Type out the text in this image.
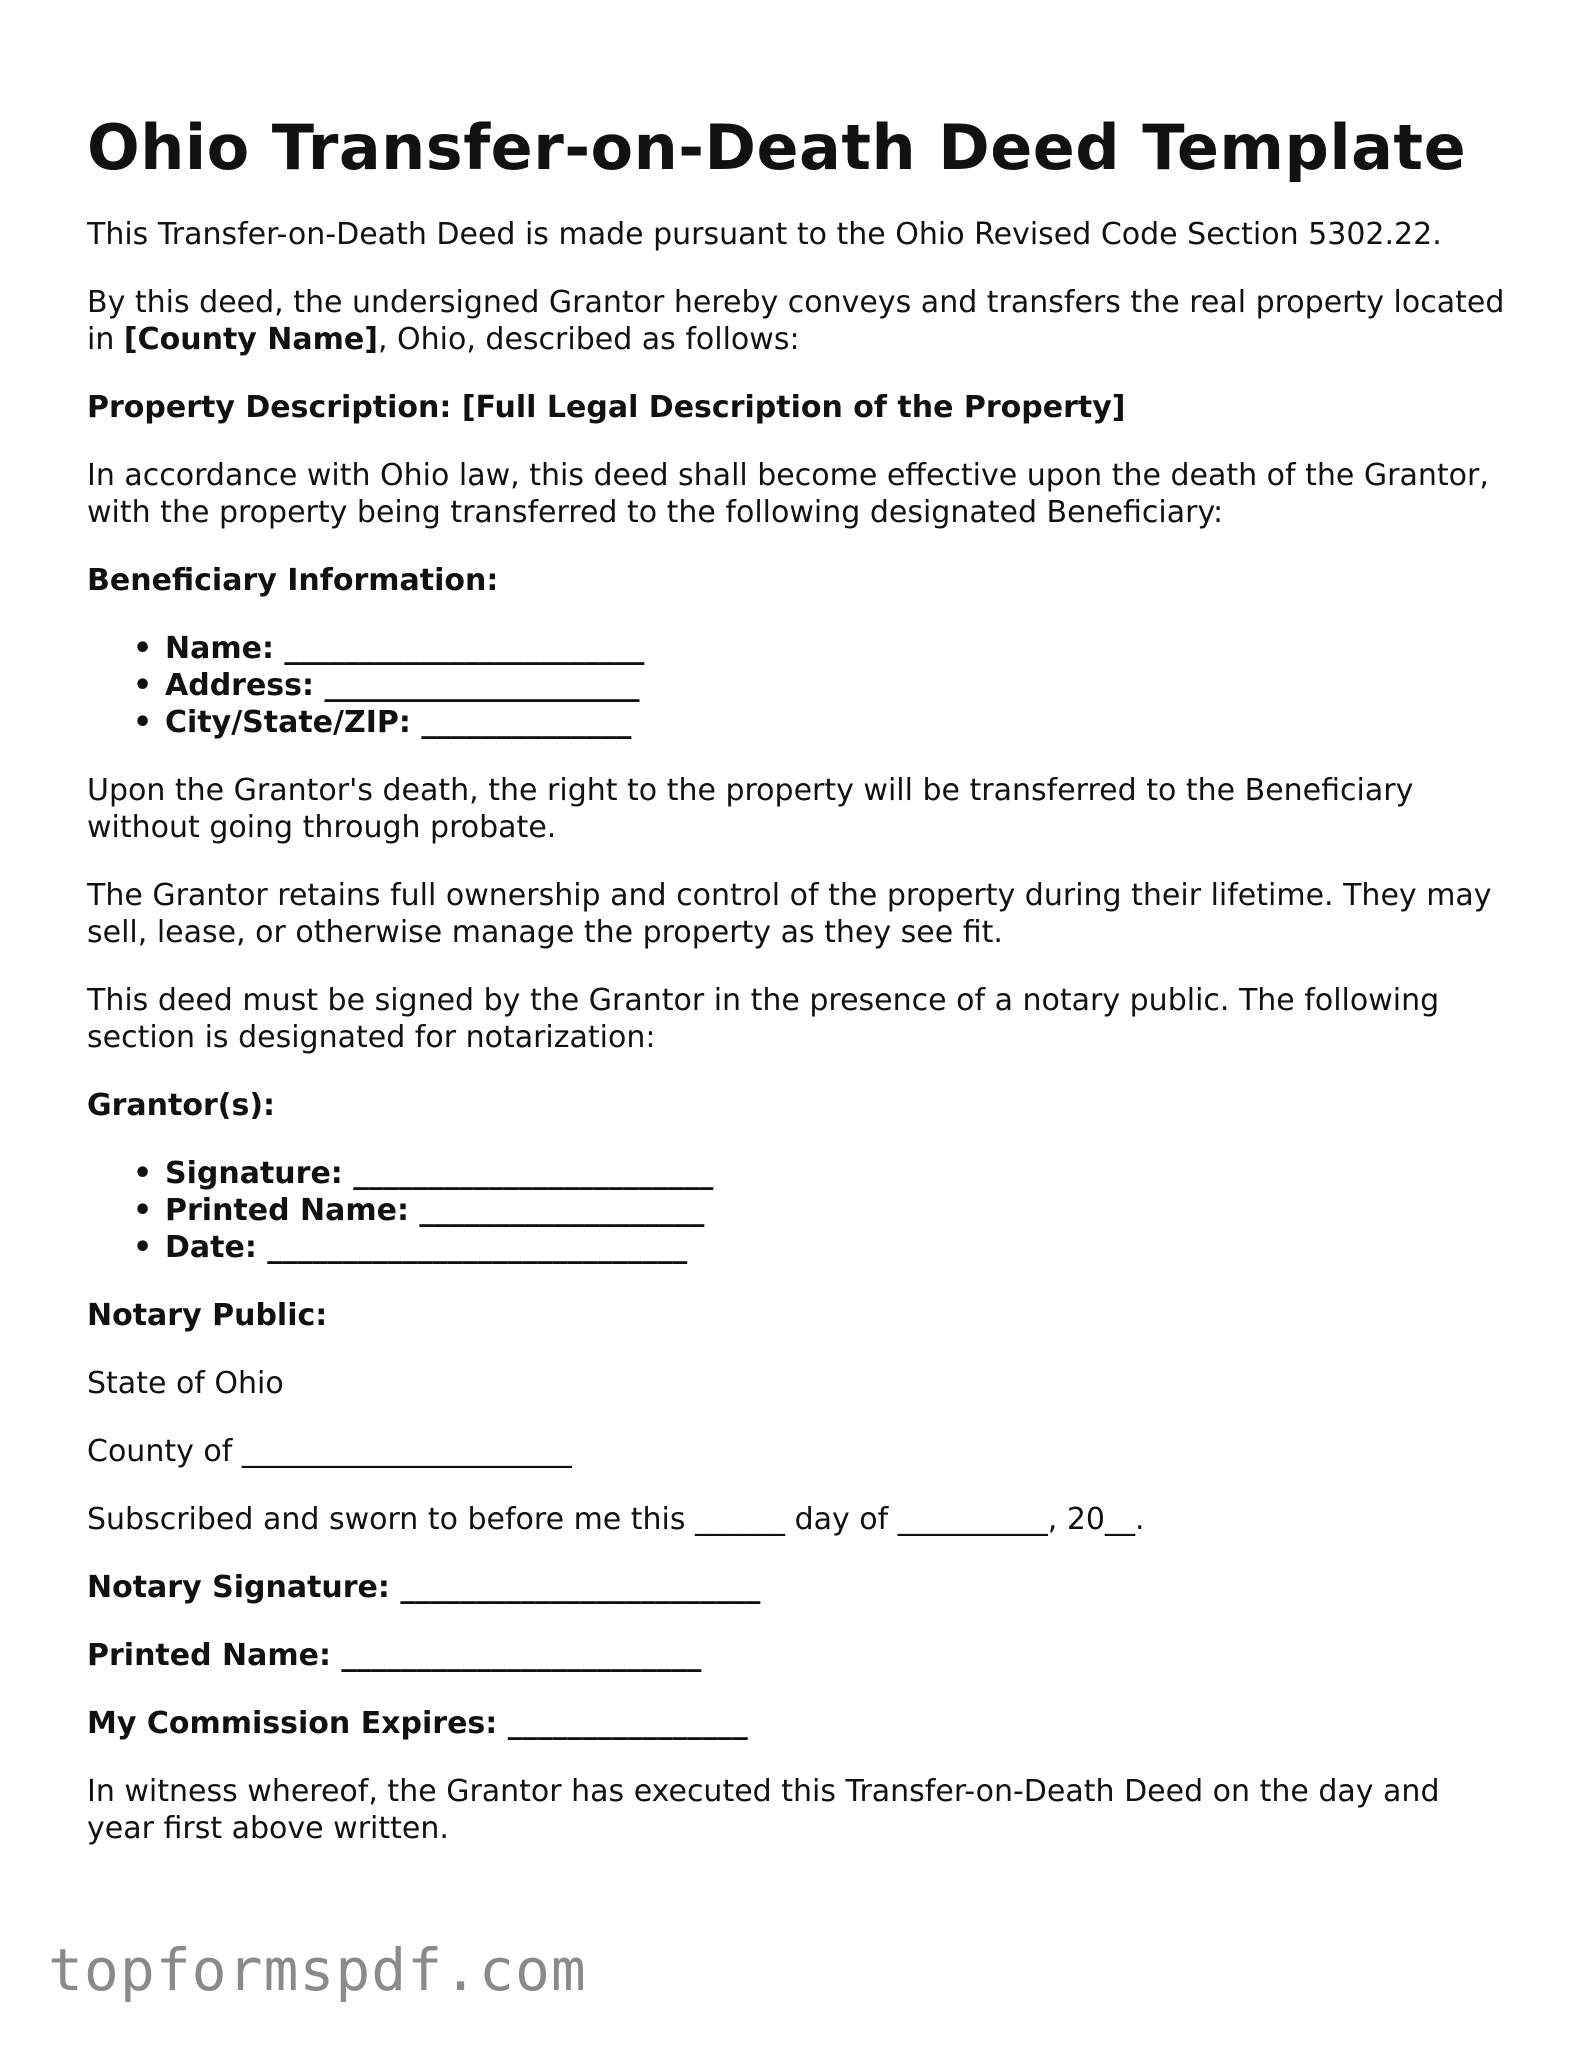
Ohio Transfer-on-Death Deed Template

This Transfer-on-Death Deed is made pursuant to the Ohio Revised Code Section 5302.22.

By this deed, the undersigned Grantor hereby conveys and transfers the real property located in [County Name], Ohio, described as follows:

Property Description: [Full Legal Description of the Property]

In accordance with Ohio law, this deed shall become effective upon the death of the Grantor, with the property being transferred to the following designated Beneficiary:

Beneficiary Information:

• Name: ________________________
• Address: _____________________
• City/State/ZIP: ______________

Upon the Grantor's death, the right to the property will be transferred to the Beneficiary without going through probate.

The Grantor retains full ownership and control of the property during their lifetime. They may sell, lease, or otherwise manage the property as they see fit.

This deed must be signed by the Grantor in the presence of a notary public. The following section is designated for notarization:

Grantor(s):

• Signature: ________________________
• Printed Name: ___________________
• Date: ____________________________

Notary Public:

State of Ohio

County of ______________________

Subscribed and sworn to before me this ______ day of __________, 20__.

Notary Signature: ________________________

Printed Name: ________________________

My Commission Expires: ________________

In witness whereof, the Grantor has executed this Transfer-on-Death Deed on the day and year first above written.

topformspdf.com
